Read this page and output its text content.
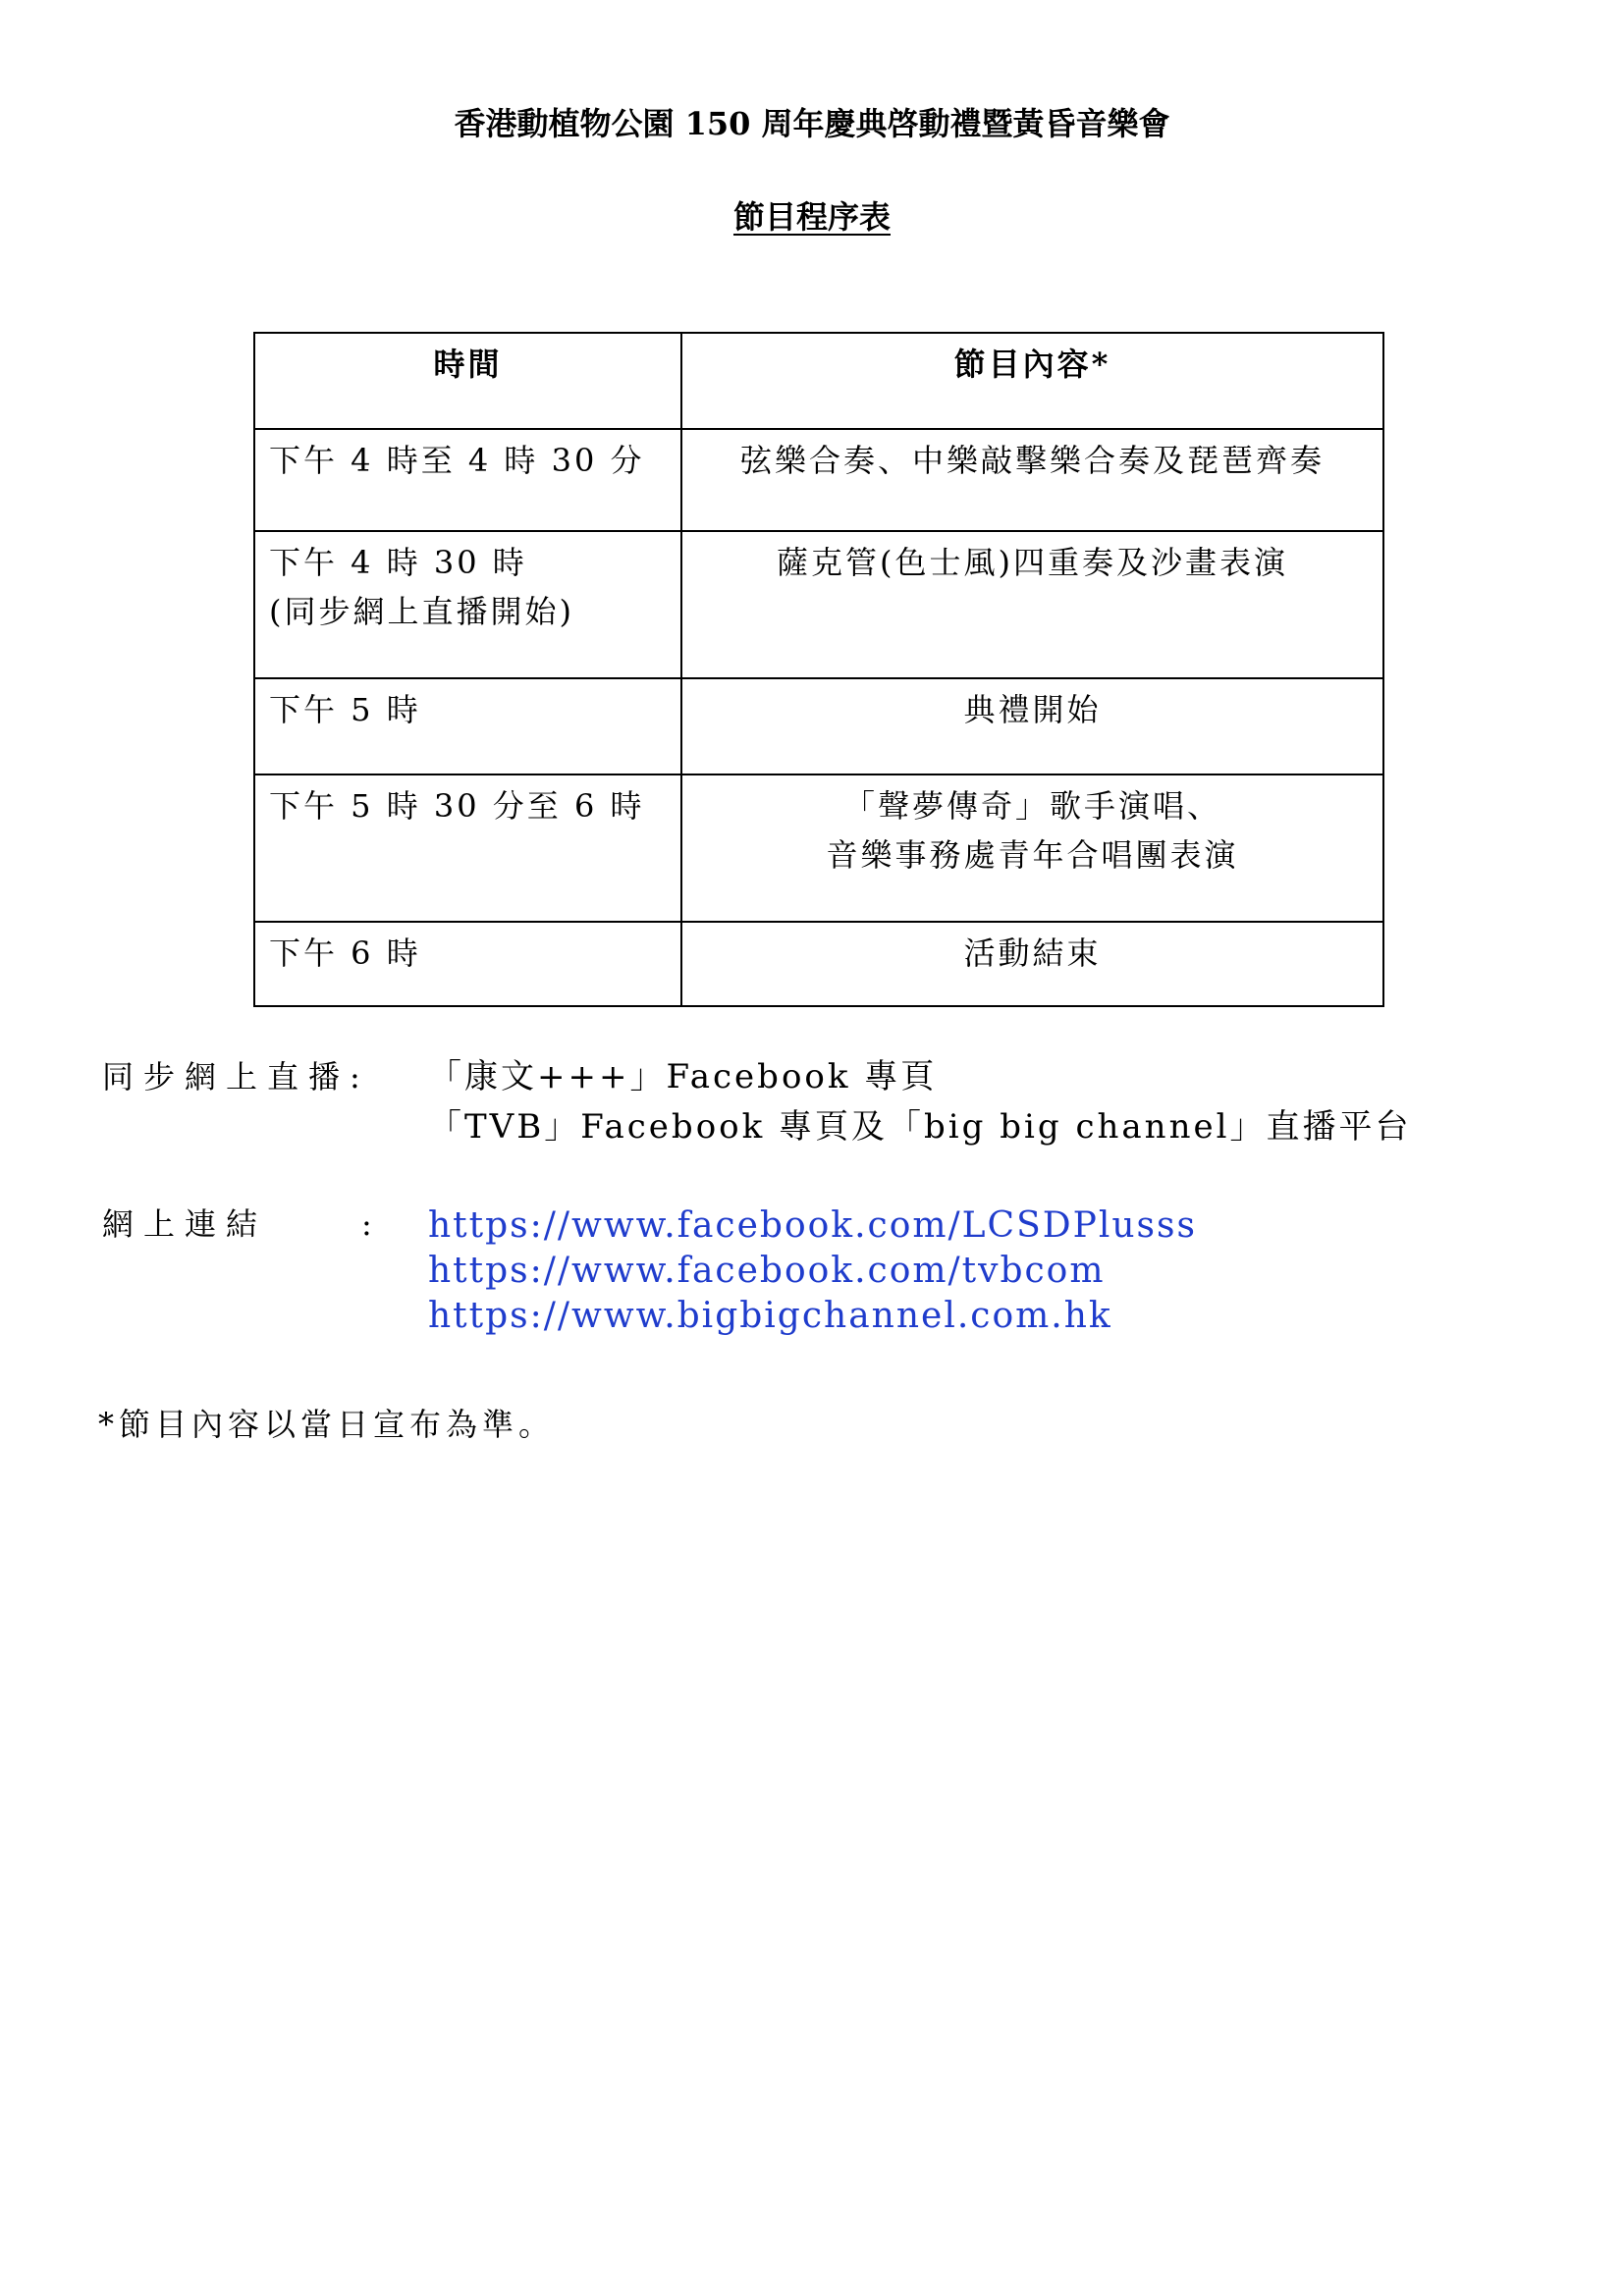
香港動植物公園 150 周年慶典啓動禮暨黃昏音樂會
節目程序表
時間	節目內容*

下午 4 時至 4 時 30 分	弦樂合奏、中樂敲擊樂合奏及琵琶齊奏

下午 4 時 30 時
(同步網上直播開始)	薩克管(色士風)四重奏及沙畫表演

下午 5 時	典禮開始

下午 5 時 30 分至 6 時	「聲夢傳奇」歌手演唱、
音樂事務處青年合唱團表演

下午 6 時	活動結束
同步網上直播: 「康文+++」Facebook 專頁
「TVB」Facebook 專頁及「big big channel」直播平台
網上連結	: https://www.facebook.com/LCSDPlusss
https://www.facebook.com/tvbcom
https://www.bigbigchannel.com.hk
*節目內容以當日宣布為準。
